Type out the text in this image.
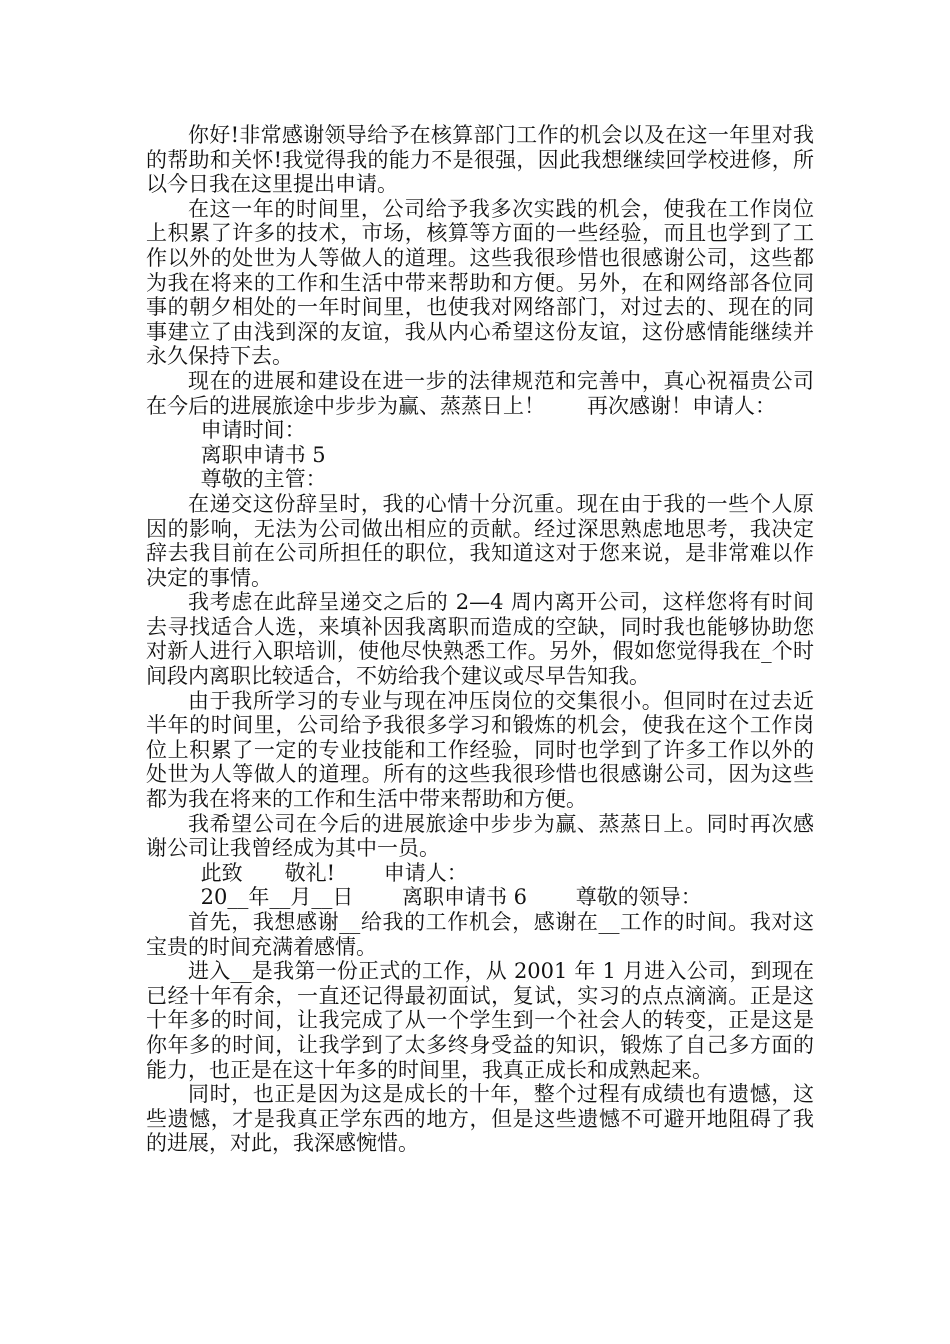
你好!非常感谢领导给予在核算部门工作的机会以及在这一年里对我的帮助和关怀!我觉得我的能力不是很强，因此我想继续回学校进修，所以今日我在这里提出申请。

在这一年的时间里，公司给予我多次实践的机会，使我在工作岗位上积累了许多的技术，市场，核算等方面的一些经验，而且也学到了工作以外的处世为人等做人的道理。这些我很珍惜也很感谢公司，这些都为我在将来的工作和生活中带来帮助和方便。另外，在和网络部各位同事的朝夕相处的一年时间里，也使我对网络部门，对过去的、现在的同事建立了由浅到深的友谊，我从内心希望这份友谊，这份感情能继续并永久保持下去。

现在的进展和建设在进一步的法律规范和完善中，真心祝福贵公司在今后的进展旅途中步步为赢、蒸蒸日上！　　再次感谢！申请人：

申请时间：

离职申请书 5

尊敬的主管：

在递交这份辞呈时，我的心情十分沉重。现在由于我的一些个人原因的影响，无法为公司做出相应的贡献。经过深思熟虑地思考，我决定辞去我目前在公司所担任的职位，我知道这对于您来说，是非常难以作决定的事情。

我考虑在此辞呈递交之后的 2—4 周内离开公司，这样您将有时间去寻找适合人选，来填补因我离职而造成的空缺，同时我也能够协助您对新人进行入职培训，使他尽快熟悉工作。另外，假如您觉得我在_个时间段内离职比较适合，不妨给我个建议或尽早告知我。

由于我所学习的专业与现在冲压岗位的交集很小。但同时在过去近半年的时间里，公司给予我很多学习和锻炼的机会，使我在这个工作岗位上积累了一定的专业技能和工作经验，同时也学到了许多工作以外的处世为人等做人的道理。所有的这些我很珍惜也很感谢公司，因为这些都为我在将来的工作和生活中带来帮助和方便。

我希望公司在今后的进展旅途中步步为赢、蒸蒸日上。同时再次感谢公司让我曾经成为其中一员。

此致　　敬礼!　　 申请人：

20__年__月__日　　 离职申请书 6　　 尊敬的领导：

首先，我想感谢__给我的工作机会，感谢在__工作的时间。我对这宝贵的时间充满着感情。

进入__是我第一份正式的工作，从 2001 年 1 月进入公司，到现在已经十年有余，一直还记得最初面试，复试，实习的点点滴滴。正是这十年多的时间，让我完成了从一个学生到一个社会人的转变，正是这是你年多的时间，让我学到了太多终身受益的知识，锻炼了自己多方面的能力，也正是在这十年多的时间里，我真正成长和成熟起来。

同时，也正是因为这是成长的十年，整个过程有成绩也有遗憾，这些遗憾，才是我真正学东西的地方，但是这些遗憾不可避开地阻碍了我的进展，对此，我深感惋惜。
